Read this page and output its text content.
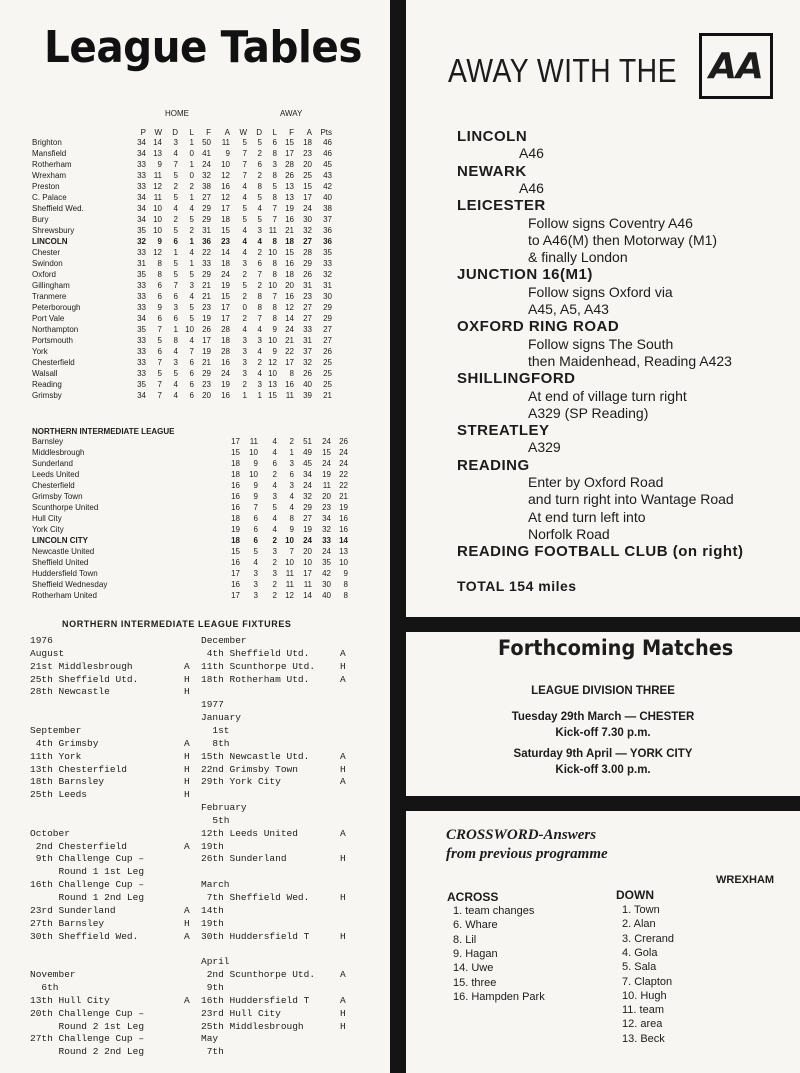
League Tables
HOME	AWAY
P	W	D	L	F	A	W	D	L	F	A	Pts
Brighton	34 14	3	1	50	11	5	5	6	15	18	46
Mansfield	34 13	4	0	41	9	7	2	8	17	23	46
Rotherham	33	9	7	1	24	10	7	6	3	28	20	45
Wrexham	33 11	5	0	32	12	7	2	8	26	25	43
Preston	33 12	2	2	38	16	4	8	5	13	15	42
C. Palace	34 11	5	1	27	12	4	5	8	13	17	40
Sheffield Wed.	34 10	4	4	29	17	5	4	7	19	24	38
Bury	34 10	2	5	29	18	5	5	7	16	30	37
Shrewsbury	35 10	5	2	31	15	4	3 11	21	32	36
LINCOLN	32	9	6	1	36	23	4	4	8	18	27	36
Chester	33 12	1	4	22	14	4	2 10	15	28	35
Swindon	31	8	5	1	33	18	3	6	8	16	29	33
Oxford	35	8	5	5	29	24	2	7	8	18	26	32
Gillingham	33	6	7	3	21	19	5	2 10	20	31	31
Tranmere	33	6	6	4	21	15	2	8	7	16	23	30
Peterborough	33	9	3	5	23	17	0	8	8	12	27	29
Port Vale	34	6	6	5	19	17	2	7	8	14	27	29
Northampton	35	7	1 10	26	28	4	4	9	24	33	27
Portsmouth	33	5	8	4	17	18	3	3 10	21	31	27
York	33	6	4	7	19	28	3	4	9	22	37	26
Chesterfield	33	7	3	6	21	16	3	2 12	17	32	25
Walsall	33	5	5	6	29	24	3	4 10	8	26	25
Reading	35	7	4	6	23	19	2	3 13	16	40	25
Grimsby	34	7	4	6	20	16	1	1 15	11	39	21
NORTHERN INTERMEDIATE LEAGUE
Barnsley	17	11	4	2	51	24	26
Middlesbrough	15	10	4	1	49	15	24
Sunderland	18	9	6	3	45	24	24
Leeds United	18	10	2	6	34	19	22
Chesterfield	16	9	4	3	24	11	22
Grimsby Town	16	9	3	4	32	20	21
Scunthorpe United	16	7	5	4	29	23	19
Hull City	18	6	4	8	27	34	16
York City	19	6	4	9	19	32	16
LINCOLN CITY	18	6	2	10	24	33	14
Newcastle United	15	5	3	7	20	24	13
Sheffield United	16	4	2	10	10	35	10
Huddersfield Town	17	3	3	11	17	42	9
Sheffield Wednesday	16	3	2	11	11	30	8
Rotherham United	17	3	2	12	14	40	8
NORTHERN INTERMEDIATE LEAGUE FIXTURES
1976
August
21st Middlesbrough	A
25th Sheffield Utd.	H
28th Newcastle	H
September
4th Grimsby	A
11th York	H
13th Chesterfield	H
18th Barnsley	H
25th Leeds	H
October
2nd Chesterfield	A
9th Challenge Cup –
Round 1 1st Leg
16th Challenge Cup –
Round 1 2nd Leg
23rd Sunderland	A
27th Barnsley	H
30th Sheffield Wed.	A
November
6th
13th Hull City	A
20th Challenge Cup –
Round 2 1st Leg
27th Challenge Cup –
Round 2 2nd Leg
December
4th Sheffield Utd.	A
11th Scunthorpe Utd.	H
18th Rotherham Utd.	A
1977
January
1st
8th
15th Newcastle Utd.	A
22nd Grimsby Town	H
29th York City	A
February
5th
12th Leeds United	A
19th
26th Sunderland	H
March
7th Sheffield Wed.	H
14th
19th
30th Huddersfield T	H
April
2nd Scunthorpe Utd.	A
9th
16th Huddersfield T	A
23rd Hull City	H
25th Middlesbrough	H
May
7th
AWAY WITH THE AA
LINCOLN
A46
NEWARK
A46
LEICESTER
Follow signs Coventry A46
to A46(M) then Motorway (M1)
& finally London
JUNCTION 16(M1)
Follow signs Oxford via
A45, A5, A43
OXFORD RING ROAD
Follow signs The South
then Maidenhead, Reading A423
SHILLINGFORD
At end of village turn right
A329 (SP Reading)
STREATLEY
A329
READING
Enter by Oxford Road
and turn right into Wantage Road
At end turn left into
Norfolk Road
READING FOOTBALL CLUB (on right)
TOTAL 154 miles
Forthcoming Matches
LEAGUE DIVISION THREE
Tuesday 29th March — CHESTER
Kick-off 7.30 p.m.
Saturday 9th April — YORK CITY
Kick-off 3.00 p.m.
CROSSWORD-Answers
from previous programme
WREXHAM
ACROSS
1. team changes
6. Whare
8. Lil
9. Hagan
14. Uwe
15. three
16. Hampden Park
DOWN
1. Town
2. Alan
3. Crerand
4. Gola
5. Sala
7. Clapton
10. Hugh
11. team
12. area
13. Beck
